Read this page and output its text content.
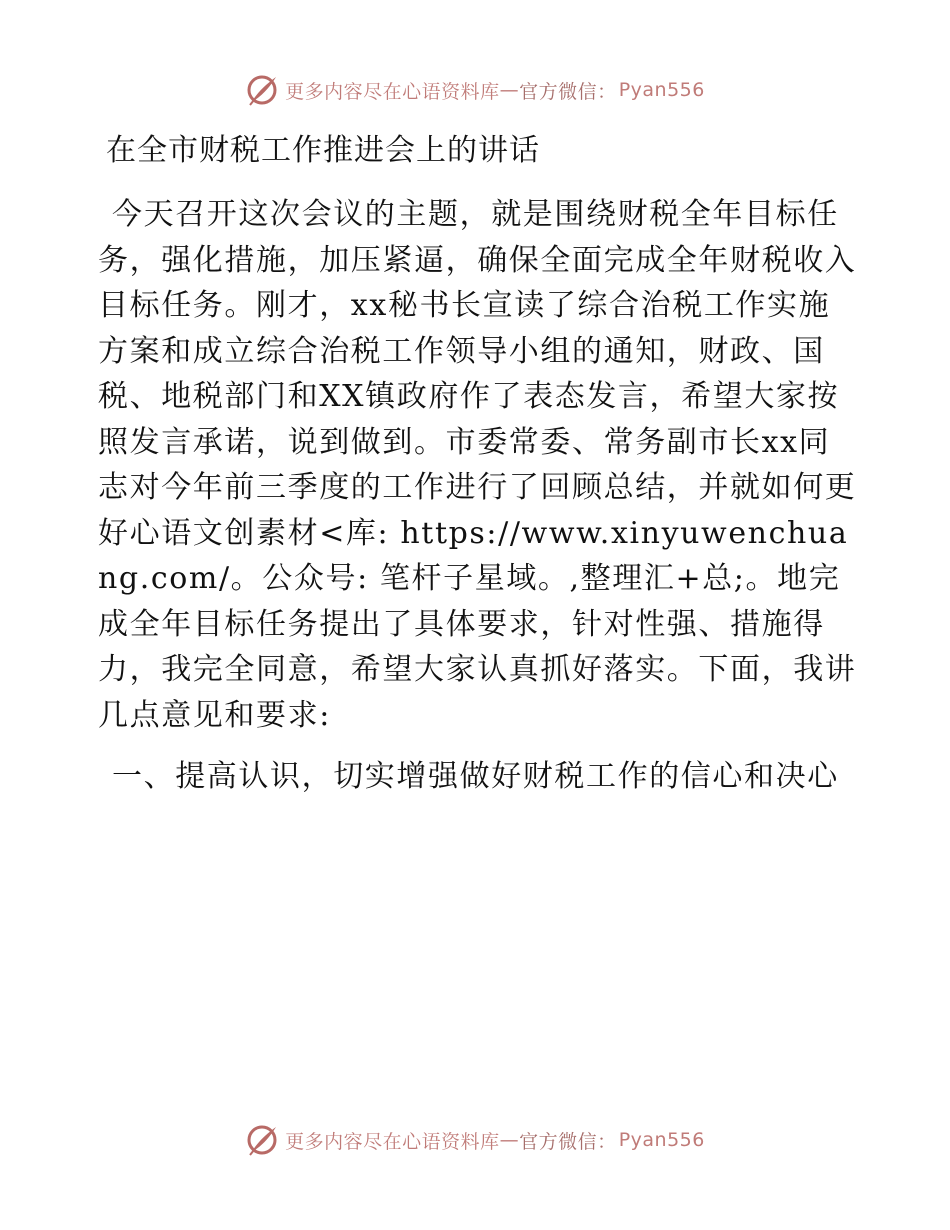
更多内容尽在心语资料库 — 官方微信： Pyan556
在全市财税工作推进会上的讲话

今天召开这次会议的主题，就是围绕财税全年目标任务，强化措施，加压紧逼，确保全面完成全年财税收入目标任务。刚才，xx秘书长宣读了综合治税工作实施方案和成立综合治税工作领导小组的通知，财政、国税、地税部门和XX镇政府作了表态发言，希望大家按照发言承诺，说到做到。市委常委、常务副市长xx同志对今年前三季度的工作进行了回顾总结，并就如何更好心语文创素材<库: https://www.xinyuwenchuang.com/。公众号: 笔杆子星域。,整理汇+总;。地完成全年目标任务提出了具体要求，针对性强、措施得力，我完全同意，希望大家认真抓好落实。下面，我讲几点意见和要求:

一、提高认识，切实增强做好财税工作的信心和决心

更多内容尽在心语资料库 — 官方微信： Pyan556
